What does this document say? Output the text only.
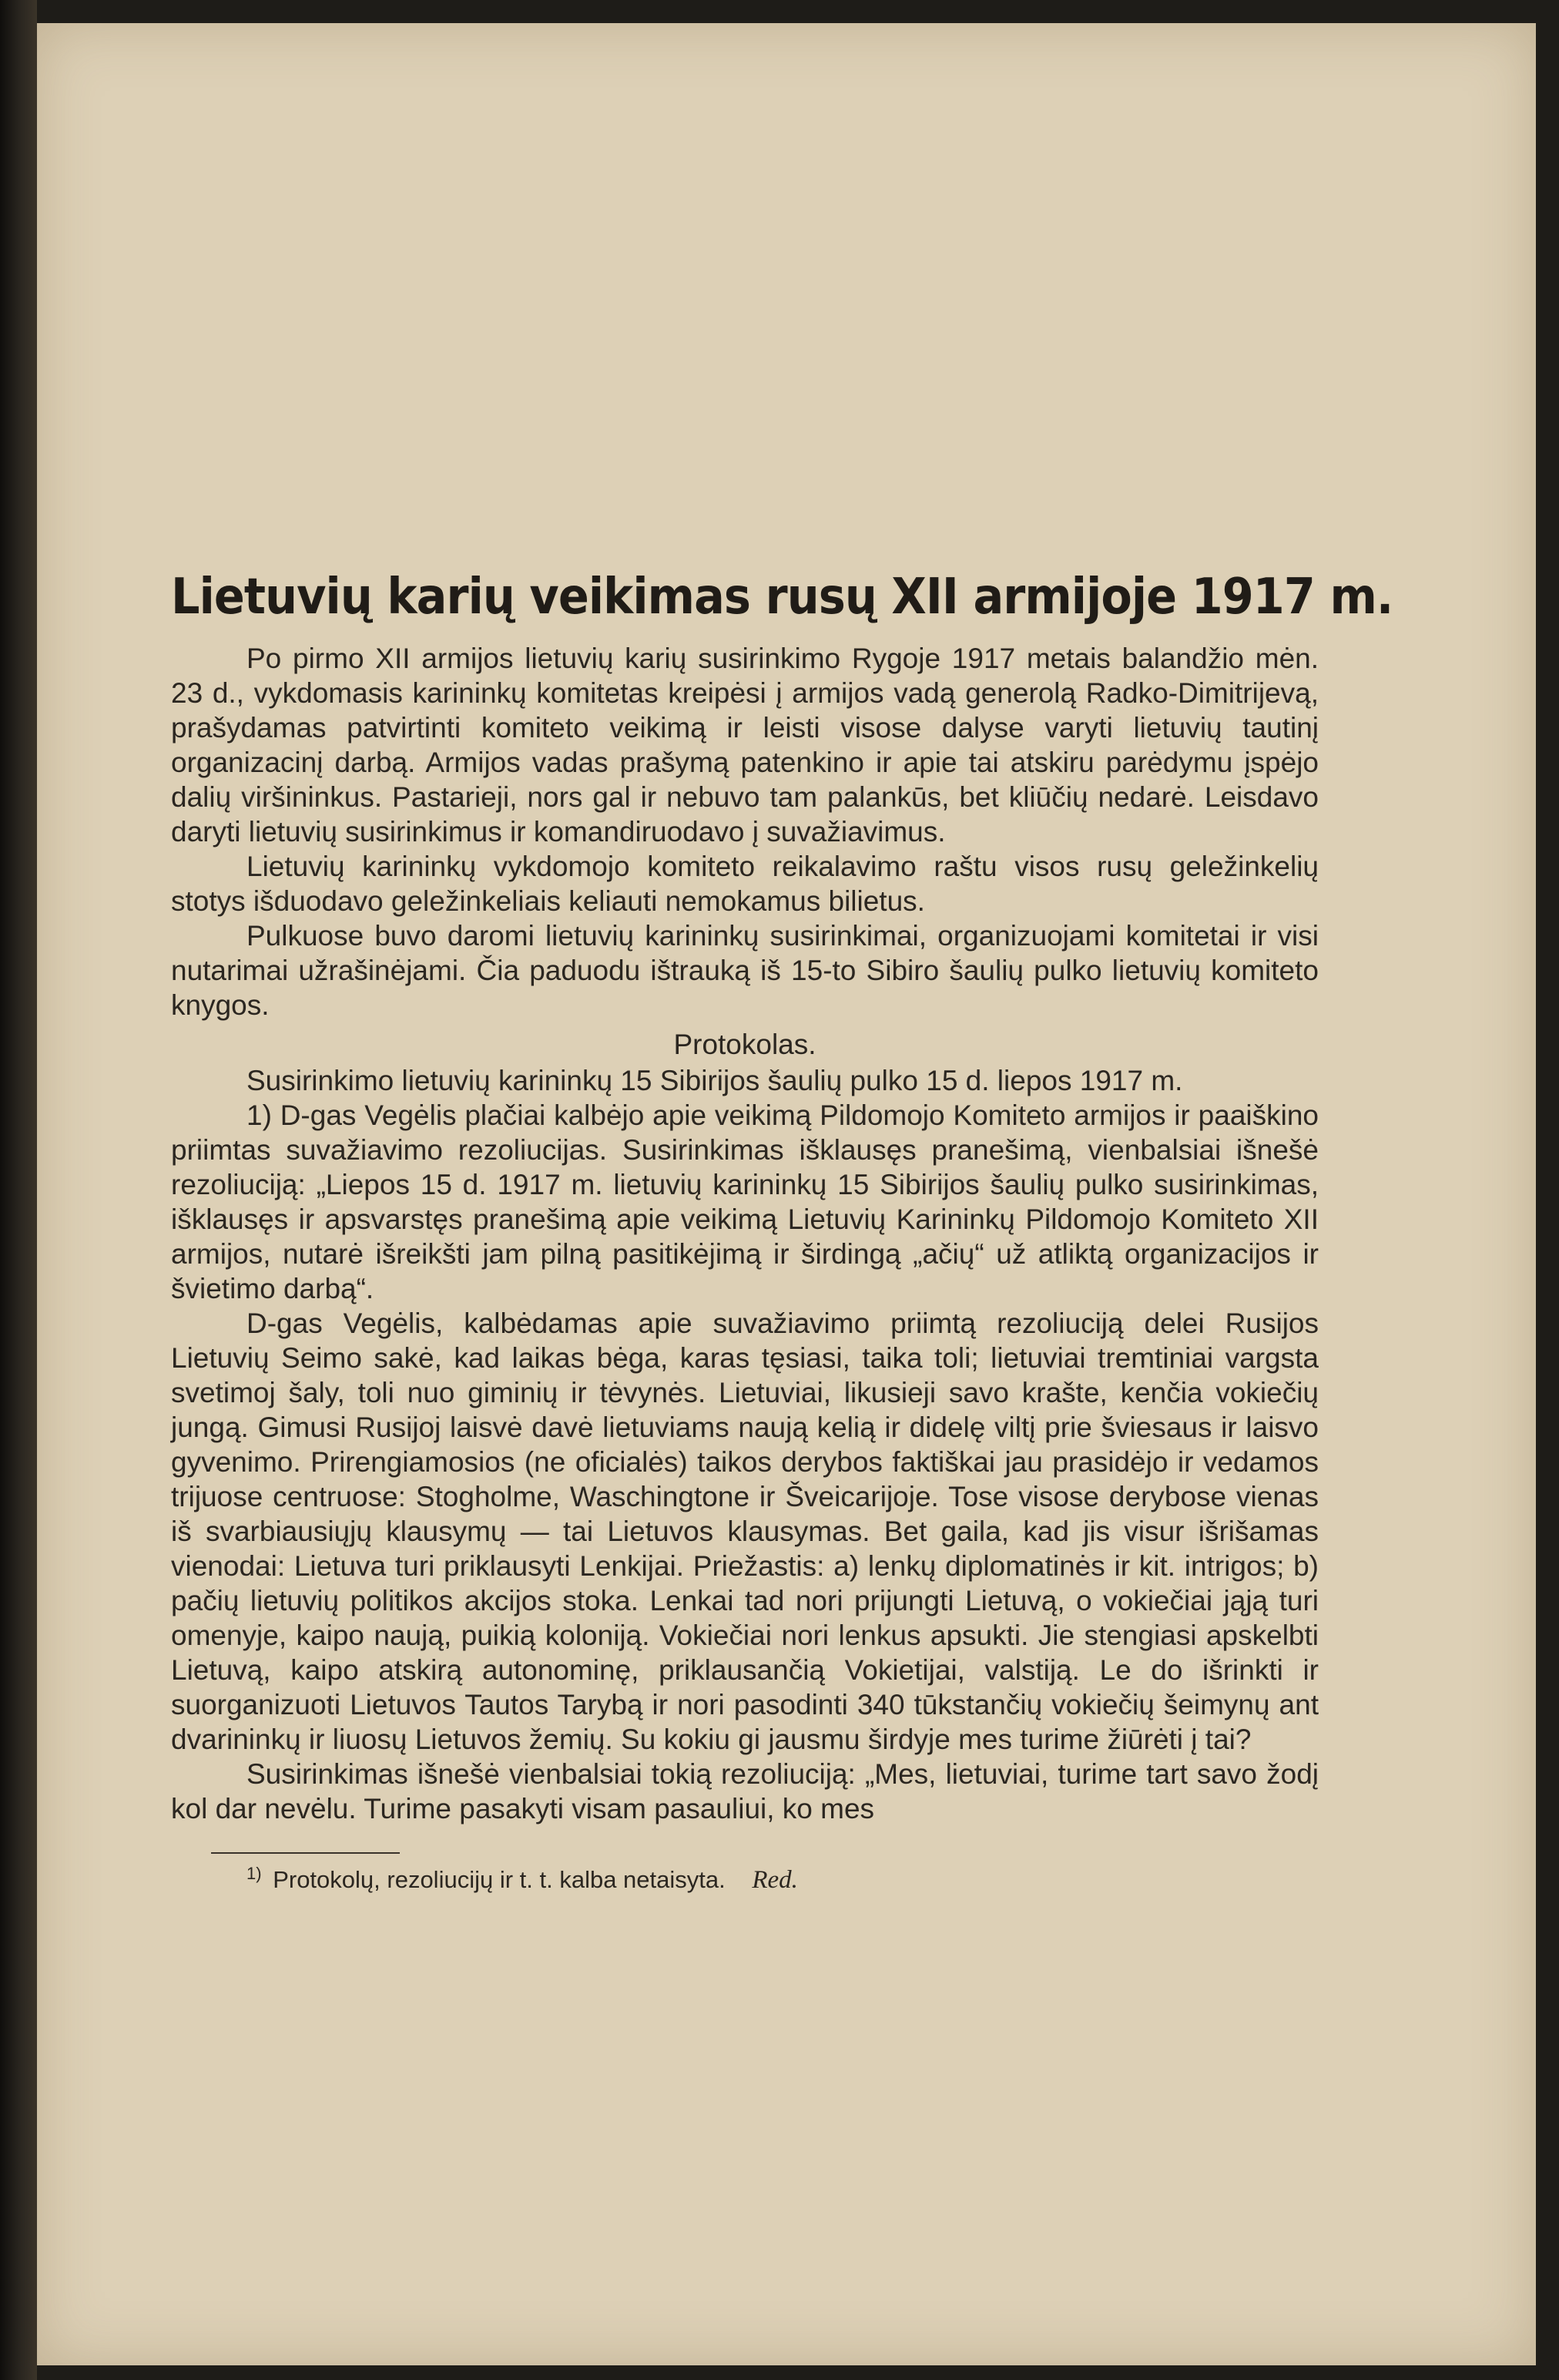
Lietuvių karių veikimas rusų XII armijoje 1917 m.

Po pirmo XII armijos lietuvių karių susirinkimo Rygoje 1917 metais balandžio mėn. 23 d., vykdomasis karininkų komitetas kreipėsi į armijos vadą generolą Radko-Dimitrijevą, prašydamas patvirtinti komiteto veikimą ir leisti visose dalyse varyti lietuvių tautinį organizacinį darbą. Armijos vadas prašymą patenkino ir apie tai atskiru parėdymu įspėjo dalių viršininkus. Pastarieji, nors gal ir nebuvo tam palankūs, bet kliūčių nedarė. Leisdavo daryti lietuvių susirinkimus ir komandiruodavo į suvažiavimus.

Lietuvių karininkų vykdomojo komiteto reikalavimo raštu visos rusų geležinkelių stotys išduodavo geležinkeliais keliauti nemokamus bilietus.

Pulkuose buvo daromi lietuvių karininkų susirinkimai, organizuojami komitetai ir visi nutarimai užrašinėjami. Čia paduodu ištrauką iš 15-to Sibiro šaulių pulko lietuvių komiteto knygos.

Protokolas.

Susirinkimo lietuvių karininkų 15 Sibirijos šaulių pulko 15 d. liepos 1917 m.

1) D-gas Vegėlis plačiai kalbėjo apie veikimą Pildomojo Komiteto armijos ir paaiškino priimtas suvažiavimo rezoliucijas. Susirinkimas išklausęs pranešimą, vienbalsiai išnešė rezoliuciją: „Liepos 15 d. 1917 m. lietuvių karininkų 15 Sibirijos šaulių pulko susirinkimas, išklausęs ir apsvarstęs pranešimą apie veikimą Lietuvių Karininkų Pildomojo Komiteto XII armijos, nutarė išreikšti jam pilną pasitikėjimą ir širdingą „ačių“ už atliktą organizacijos ir švietimo darbą“.

D-gas Vegėlis, kalbėdamas apie suvažiavimo priimtą rezoliuciją delei Rusijos Lietuvių Seimo sakė, kad laikas bėga, karas tęsiasi, taika toli; lietuviai tremtiniai vargsta svetimoj šaly, toli nuo giminių ir tėvynės. Lietuviai, likusieji savo krašte, kenčia vokiečių jungą. Gimusi Rusijoj laisvė davė lietuviams naują kelią ir didelę viltį prie šviesaus ir laisvo gyvenimo. Prirengiamosios (ne oficialės) taikos derybos faktiškai jau prasidėjo ir vedamos trijuose centruose: Stogholme, Waschingtone ir Šveicarijoje. Tose visose derybose vienas iš svarbiausiųjų klausymų — tai Lietuvos klausymas. Bet gaila, kad jis visur išrišamas vienodai: Lietuva turi priklausyti Lenkijai. Priežastis: a) lenkų diplomatinės ir kit. intrigos; b) pačių lietuvių politikos akcijos stoka. Lenkai tad nori prijungti Lietuvą, o vokiečiai jąją turi omenyje, kaipo naują, puikią koloniją. Vokiečiai nori lenkus apsukti. Jie stengiasi apskelbti Lietuvą, kaipo atskirą autonominę, priklausančią Vokietijai, valstiją. Le do išrinkti ir suorganizuoti Lietuvos Tautos Tarybą ir nori pasodinti 340 tūkstančių vokiečių šeimynų ant dvarininkų ir liuosų Lietuvos žemių. Su kokiu gi jausmu širdyje mes turime žiūrėti į tai?

Susirinkimas išnešė vienbalsiai tokią rezoliuciją: „Mes, lietuviai, turime tart savo žodį kol dar nevėlu. Turime pasakyti visam pasauliui, ko mes

$^{1)}$ Protokolų, rezoliucijų ir t. t. kalba netaisyta. Red.
